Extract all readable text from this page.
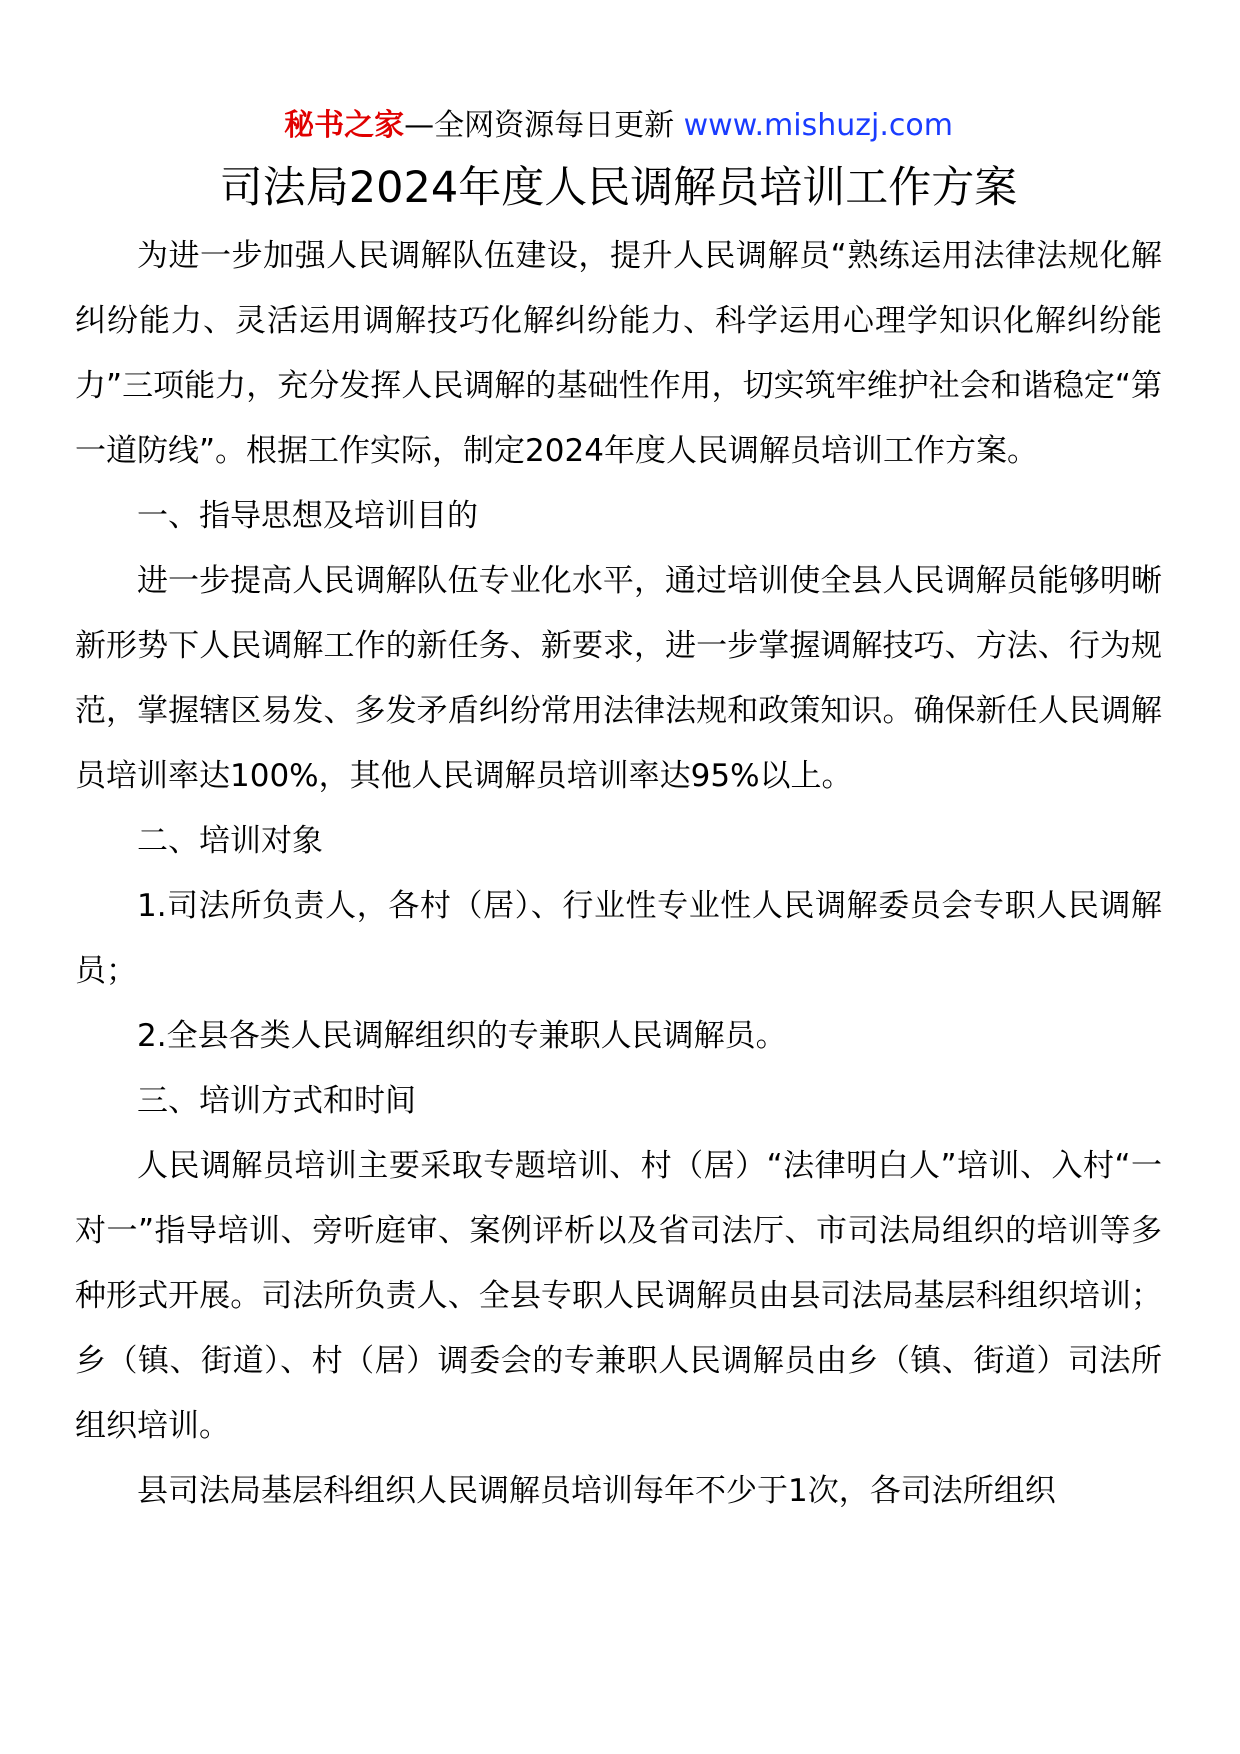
秘书之家—全网资源每日更新 www.mishuzj.com
司法局2024年度人民调解员培训工作方案

为进一步加强人民调解队伍建设，提升人民调解员“熟练运用法律法规化解纠纷能力、灵活运用调解技巧化解纠纷能力、科学运用心理学知识化解纠纷能力”三项能力，充分发挥人民调解的基础性作用，切实筑牢维护社会和谐稳定“第一道防线”。根据工作实际，制定2024年度人民调解员培训工作方案。

一、指导思想及培训目的

进一步提高人民调解队伍专业化水平，通过培训使全县人民调解员能够明晰新形势下人民调解工作的新任务、新要求，进一步掌握调解技巧、方法、行为规范，掌握辖区易发、多发矛盾纠纷常用法律法规和政策知识。确保新任人民调解员培训率达100%，其他人民调解员培训率达95%以上。

二、培训对象

1.司法所负责人，各村（居）、行业性专业性人民调解委员会专职人民调解员；

2.全县各类人民调解组织的专兼职人民调解员。

三、培训方式和时间

人民调解员培训主要采取专题培训、村（居）“法律明白人”培训、入村“一对一”指导培训、旁听庭审、案例评析以及省司法厅、市司法局组织的培训等多种形式开展。司法所负责人、全县专职人民调解员由县司法局基层科组织培训；乡（镇、街道）、村（居）调委会的专兼职人民调解员由乡（镇、街道）司法所组织培训。

县司法局基层科组织人民调解员培训每年不少于1次，各司法所组织
